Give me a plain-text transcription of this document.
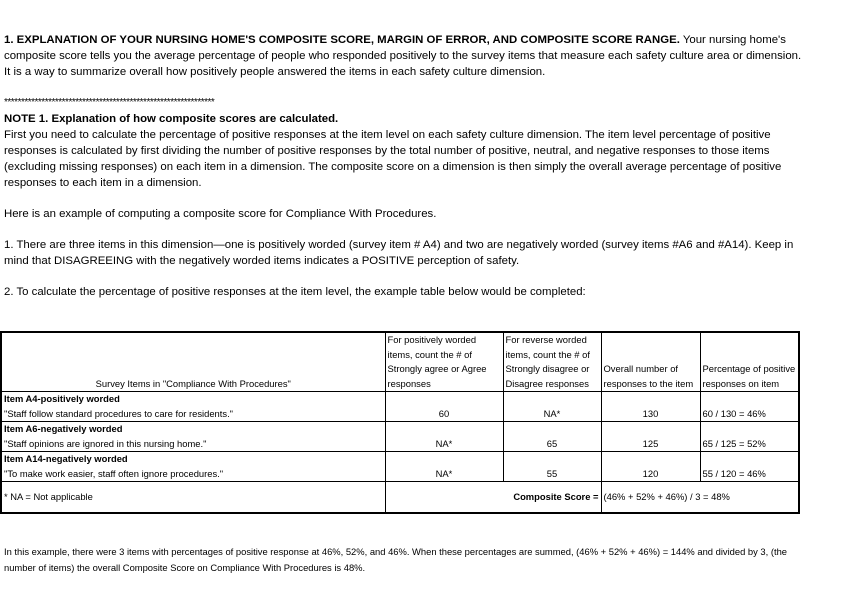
1. EXPLANATION OF YOUR NURSING HOME'S COMPOSITE SCORE, MARGIN OF ERROR, AND COMPOSITE SCORE RANGE. Your nursing home's composite score tells you the average percentage of people who responded positively to the survey items that measure each safety culture area or dimension. It is a way to summarize overall how positively people answered the items in each safety culture dimension.

**************************************************************

NOTE 1. Explanation of how composite scores are calculated.
First you need to calculate the percentage of positive responses at the item level on each safety culture dimension. The item level percentage of positive responses is calculated by first dividing the number of positive responses by the total number of positive, neutral, and negative responses to those items (excluding missing responses) on each item in a dimension. The composite score on a dimension is then simply the overall average percentage of positive responses to each item in a dimension.

Here is an example of computing a composite score for Compliance With Procedures.

1. There are three items in this dimension—one is positively worded (survey item # A4) and two are negatively worded (survey items #A6 and #A14). Keep in mind that DISAGREEING with the negatively worded items indicates a POSITIVE perception of safety.

2. To calculate the percentage of positive responses at the item level, the example table below would be completed:

Survey Items in "Compliance With Procedures"	For positively worded items, count the # of Strongly agree or Agree responses	For reverse worded items, count the # of Strongly disagree or Disagree responses	Overall number of responses to the item	Percentage of positive responses on item

Item A4-positively worded
"Staff follow standard procedures to care for residents."	60	NA*	130	60 / 130 = 46%

Item A6-negatively worded
"Staff opinions are ignored in this nursing home."	NA*	65	125	65 / 125 = 52%

Item A14-negatively worded
"To make work easier, staff often ignore procedures."	NA*	55	120	55 / 120 = 46%
* NA = Not applicable	Composite Score =		(46% + 52% + 46%) / 3 = 48%	

In this example, there were 3 items with percentages of positive response at 46%, 52%, and 46%. When these percentages are summed, (46% + 52% + 46%) = 144% and divided by 3, (the number of items) the overall Composite Score on Compliance With Procedures is 48%.
